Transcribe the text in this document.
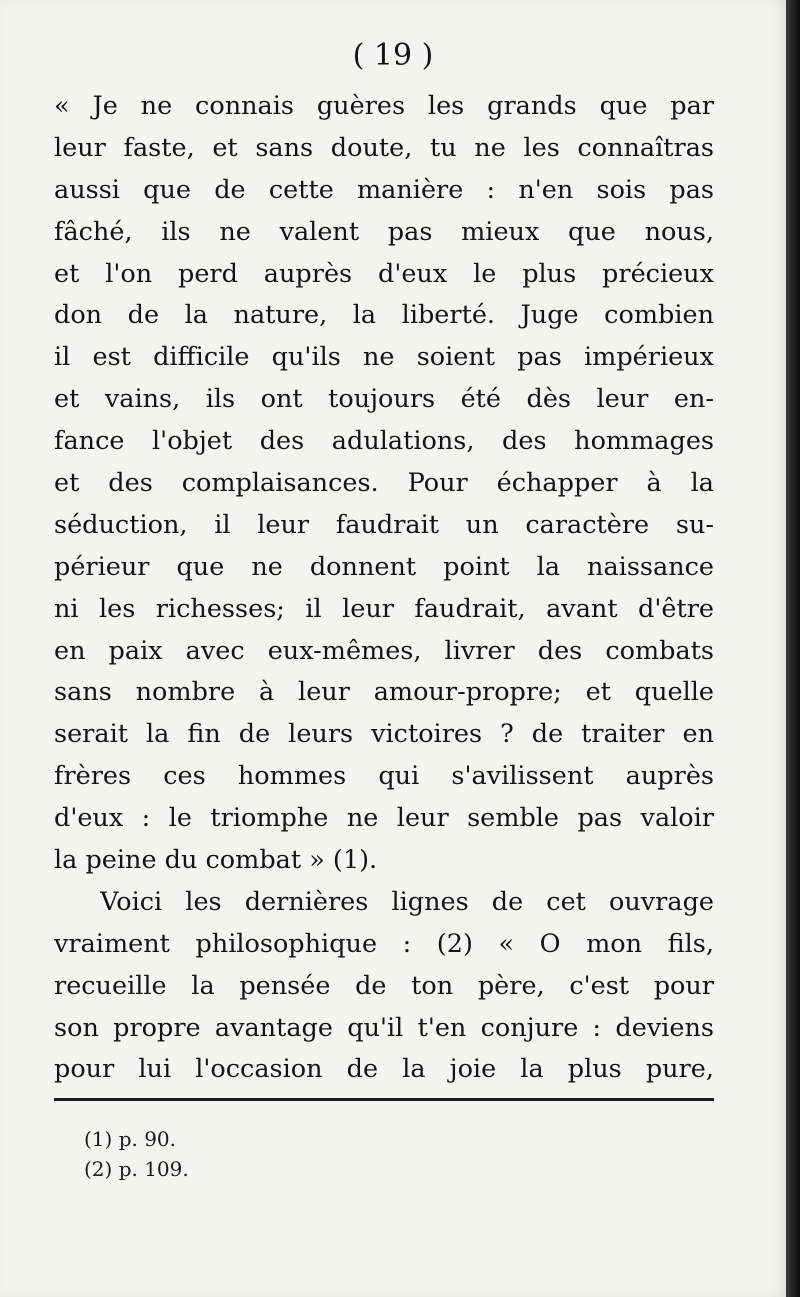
( 19 )
« Je ne connais guères les grands que par
leur faste, et sans doute, tu ne les connaîtras
aussi que de cette manière : n'en sois pas
fâché, ils ne valent pas mieux que nous,
et l'on perd auprès d'eux le plus précieux
don de la nature, la liberté. Juge combien
il est difficile qu'ils ne soient pas impérieux
et vains, ils ont toujours été dès leur en-
fance l'objet des adulations, des hommages
et des complaisances. Pour échapper à la
séduction, il leur faudrait un caractère su-
périeur que ne donnent point la naissance
ni les richesses; il leur faudrait, avant d'être
en paix avec eux-mêmes, livrer des combats
sans nombre à leur amour-propre; et quelle
serait la fin de leurs victoires ? de traiter en
frères ces hommes qui s'avilissent auprès
d'eux : le triomphe ne leur semble pas valoir
la peine du combat » (1).
Voici les dernières lignes de cet ouvrage
vraiment philosophique : (2) « O mon fils,
recueille la pensée de ton père, c'est pour
son propre avantage qu'il t'en conjure : deviens
pour lui l'occasion de la joie la plus pure,
(1) p. 90.
(2) p. 109.
